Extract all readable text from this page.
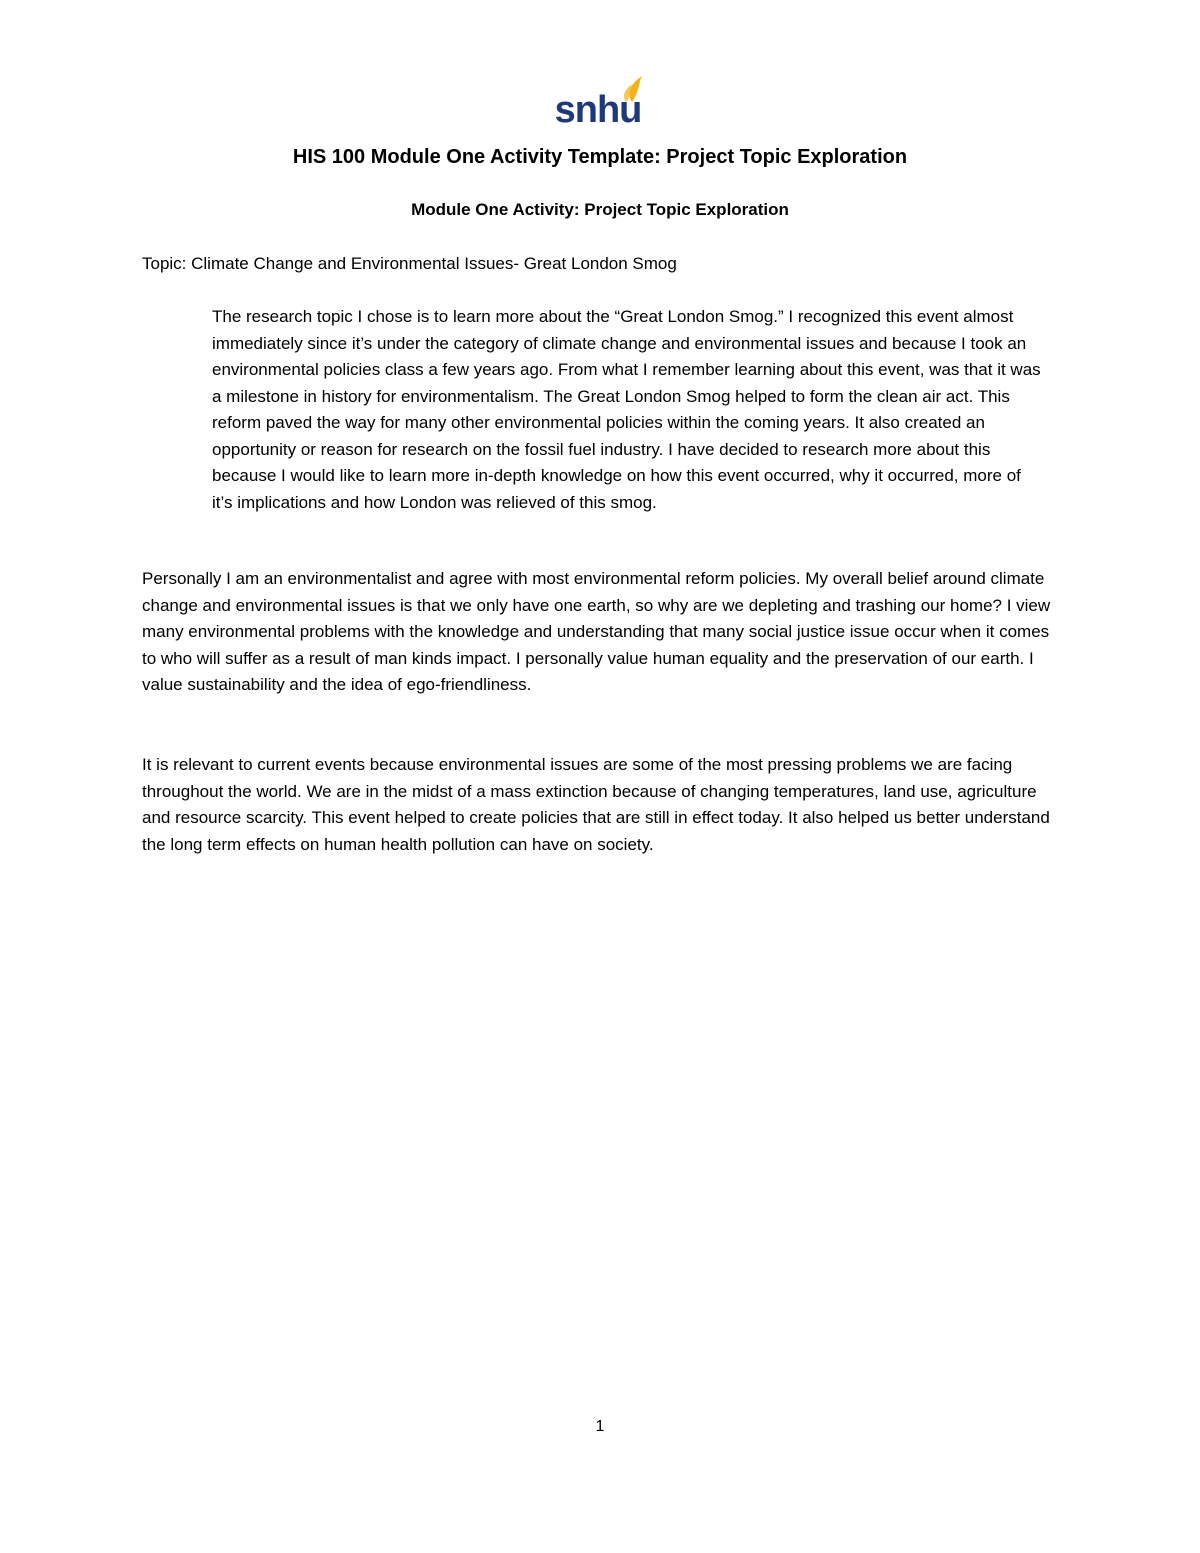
snhu
HIS 100 Module One Activity Template: Project Topic Exploration
Module One Activity: Project Topic Exploration

Topic: Climate Change and Environmental Issues- Great London Smog

The research topic I chose is to learn more about the “Great London Smog.” I recognized this event almost immediately since it’s under the category of climate change and environmental issues and because I took an environmental policies class a few years ago. From what I remember learning about this event, was that it was a milestone in history for environmentalism. The Great London Smog helped to form the clean air act. This reform paved the way for many other environmental policies within the coming years. It also created an opportunity or reason for research on the fossil fuel industry. I have decided to research more about this because I would like to learn more in-depth knowledge on how this event occurred, why it occurred, more of it’s implications and how London was relieved of this smog.

Personally I am an environmentalist and agree with most environmental reform policies. My overall belief around climate change and environmental issues is that we only have one earth, so why are we depleting and trashing our home? I view many environmental problems with the knowledge and understanding that many social justice issue occur when it comes to who will suffer as a result of man kinds impact. I personally value human equality and the preservation of our earth. I value sustainability and the idea of ego-friendliness.

It is relevant to current events because environmental issues are some of the most pressing problems we are facing throughout the world. We are in the midst of a mass extinction because of changing temperatures, land use, agriculture and resource scarcity. This event helped to create policies that are still in effect today. It also helped us better understand the long term effects on human health pollution can have on society.

1
